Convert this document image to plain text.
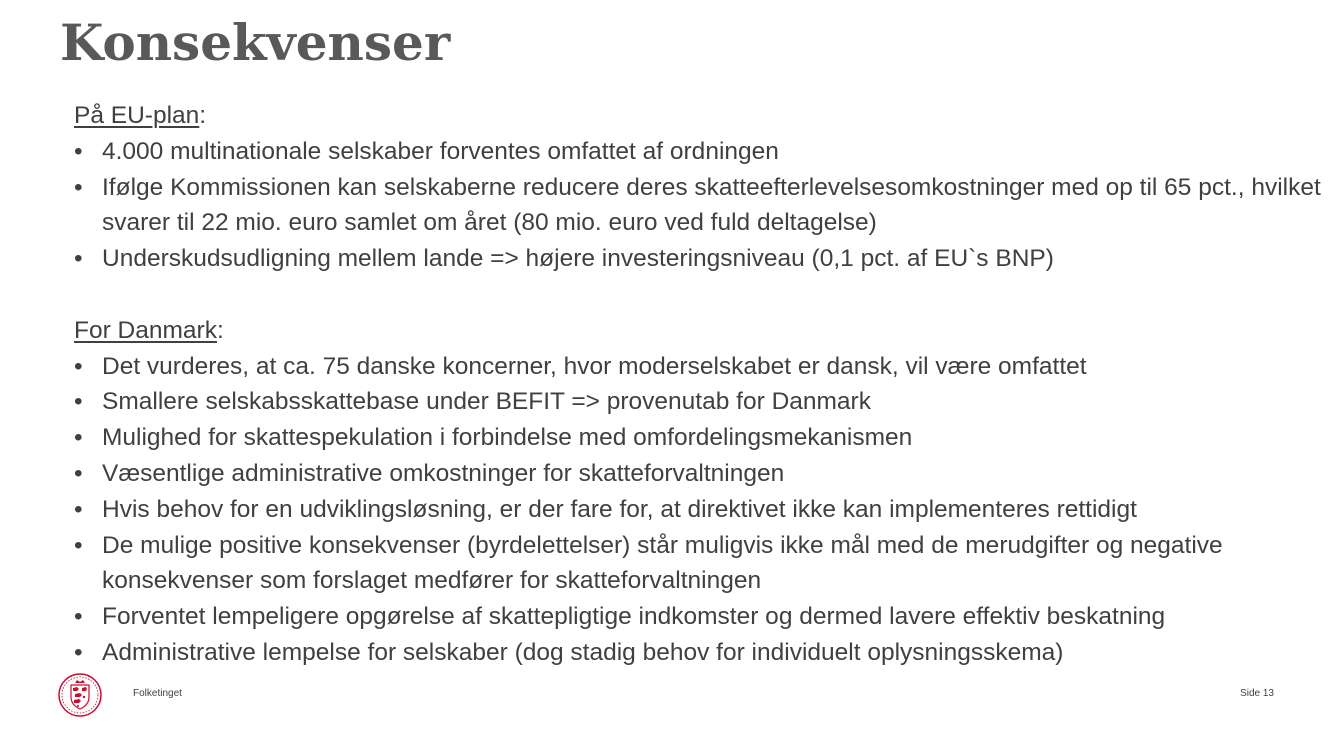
Konsekvenser

På EU-plan:

• 4.000 multinationale selskaber forventes omfattet af ordningen
• Ifølge Kommissionen kan selskaberne reducere deres skatteefterlevelsesomkostninger med op til 65 pct., hvilket svarer til 22 mio. euro samlet om året (80 mio. euro ved fuld deltagelse)
• Underskudsudligning mellem lande => højere investeringsniveau (0,1 pct. af EU`s BNP)

For Danmark:

• Det vurderes, at ca. 75 danske koncerner, hvor moderselskabet er dansk, vil være omfattet
• Smallere selskabsskattebase under BEFIT => provenutab for Danmark
• Mulighed for skattespekulation i forbindelse med omfordelingsmekanismen
• Væsentlige administrative omkostninger for skatteforvaltningen
• Hvis behov for en udviklingsløsning, er der fare for, at direktivet ikke kan implementeres rettidigt
• De mulige positive konsekvenser (byrdelettelser) står muligvis ikke mål med de merudgifter og negative konsekvenser som forslaget medfører for skatteforvaltningen
• Forventet lempeligere opgørelse af skattepligtige indkomster og dermed lavere effektiv beskatning
• Administrative lempelse for selskaber (dog stadig behov for individuelt oplysningsskema)
Folketinget	Side 13
